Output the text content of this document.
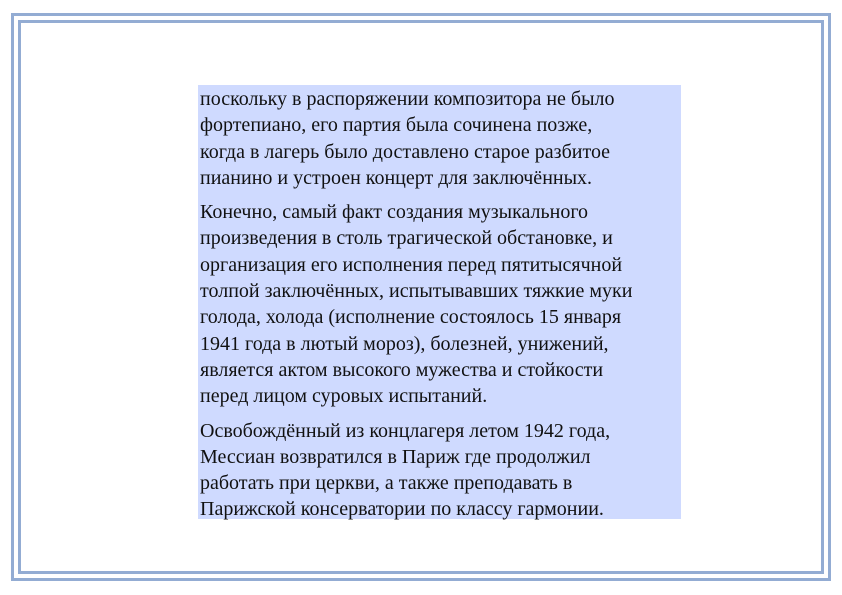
поскольку в распоряжении композитора не было
фортепиано, его партия была сочинена позже,
когда в лагерь было доставлено старое разбитое
пианино и устроен концерт для заключённых.

Конечно, самый факт создания музыкального
произведения в столь трагической обстановке, и
организация его исполнения перед пятитысячной
толпой заключённых, испытывавших тяжкие муки
голода, холода (исполнение состоялось 15 января
1941 года в лютый мороз), болезней, унижений,
является актом высокого мужества и стойкости
перед лицом суровых испытаний.

Освобождённый из концлагеря летом 1942 года,
Мессиан возвратился в Париж где продолжил
работать при церкви, а также преподавать в
Парижской консерватории по классу гармонии.
